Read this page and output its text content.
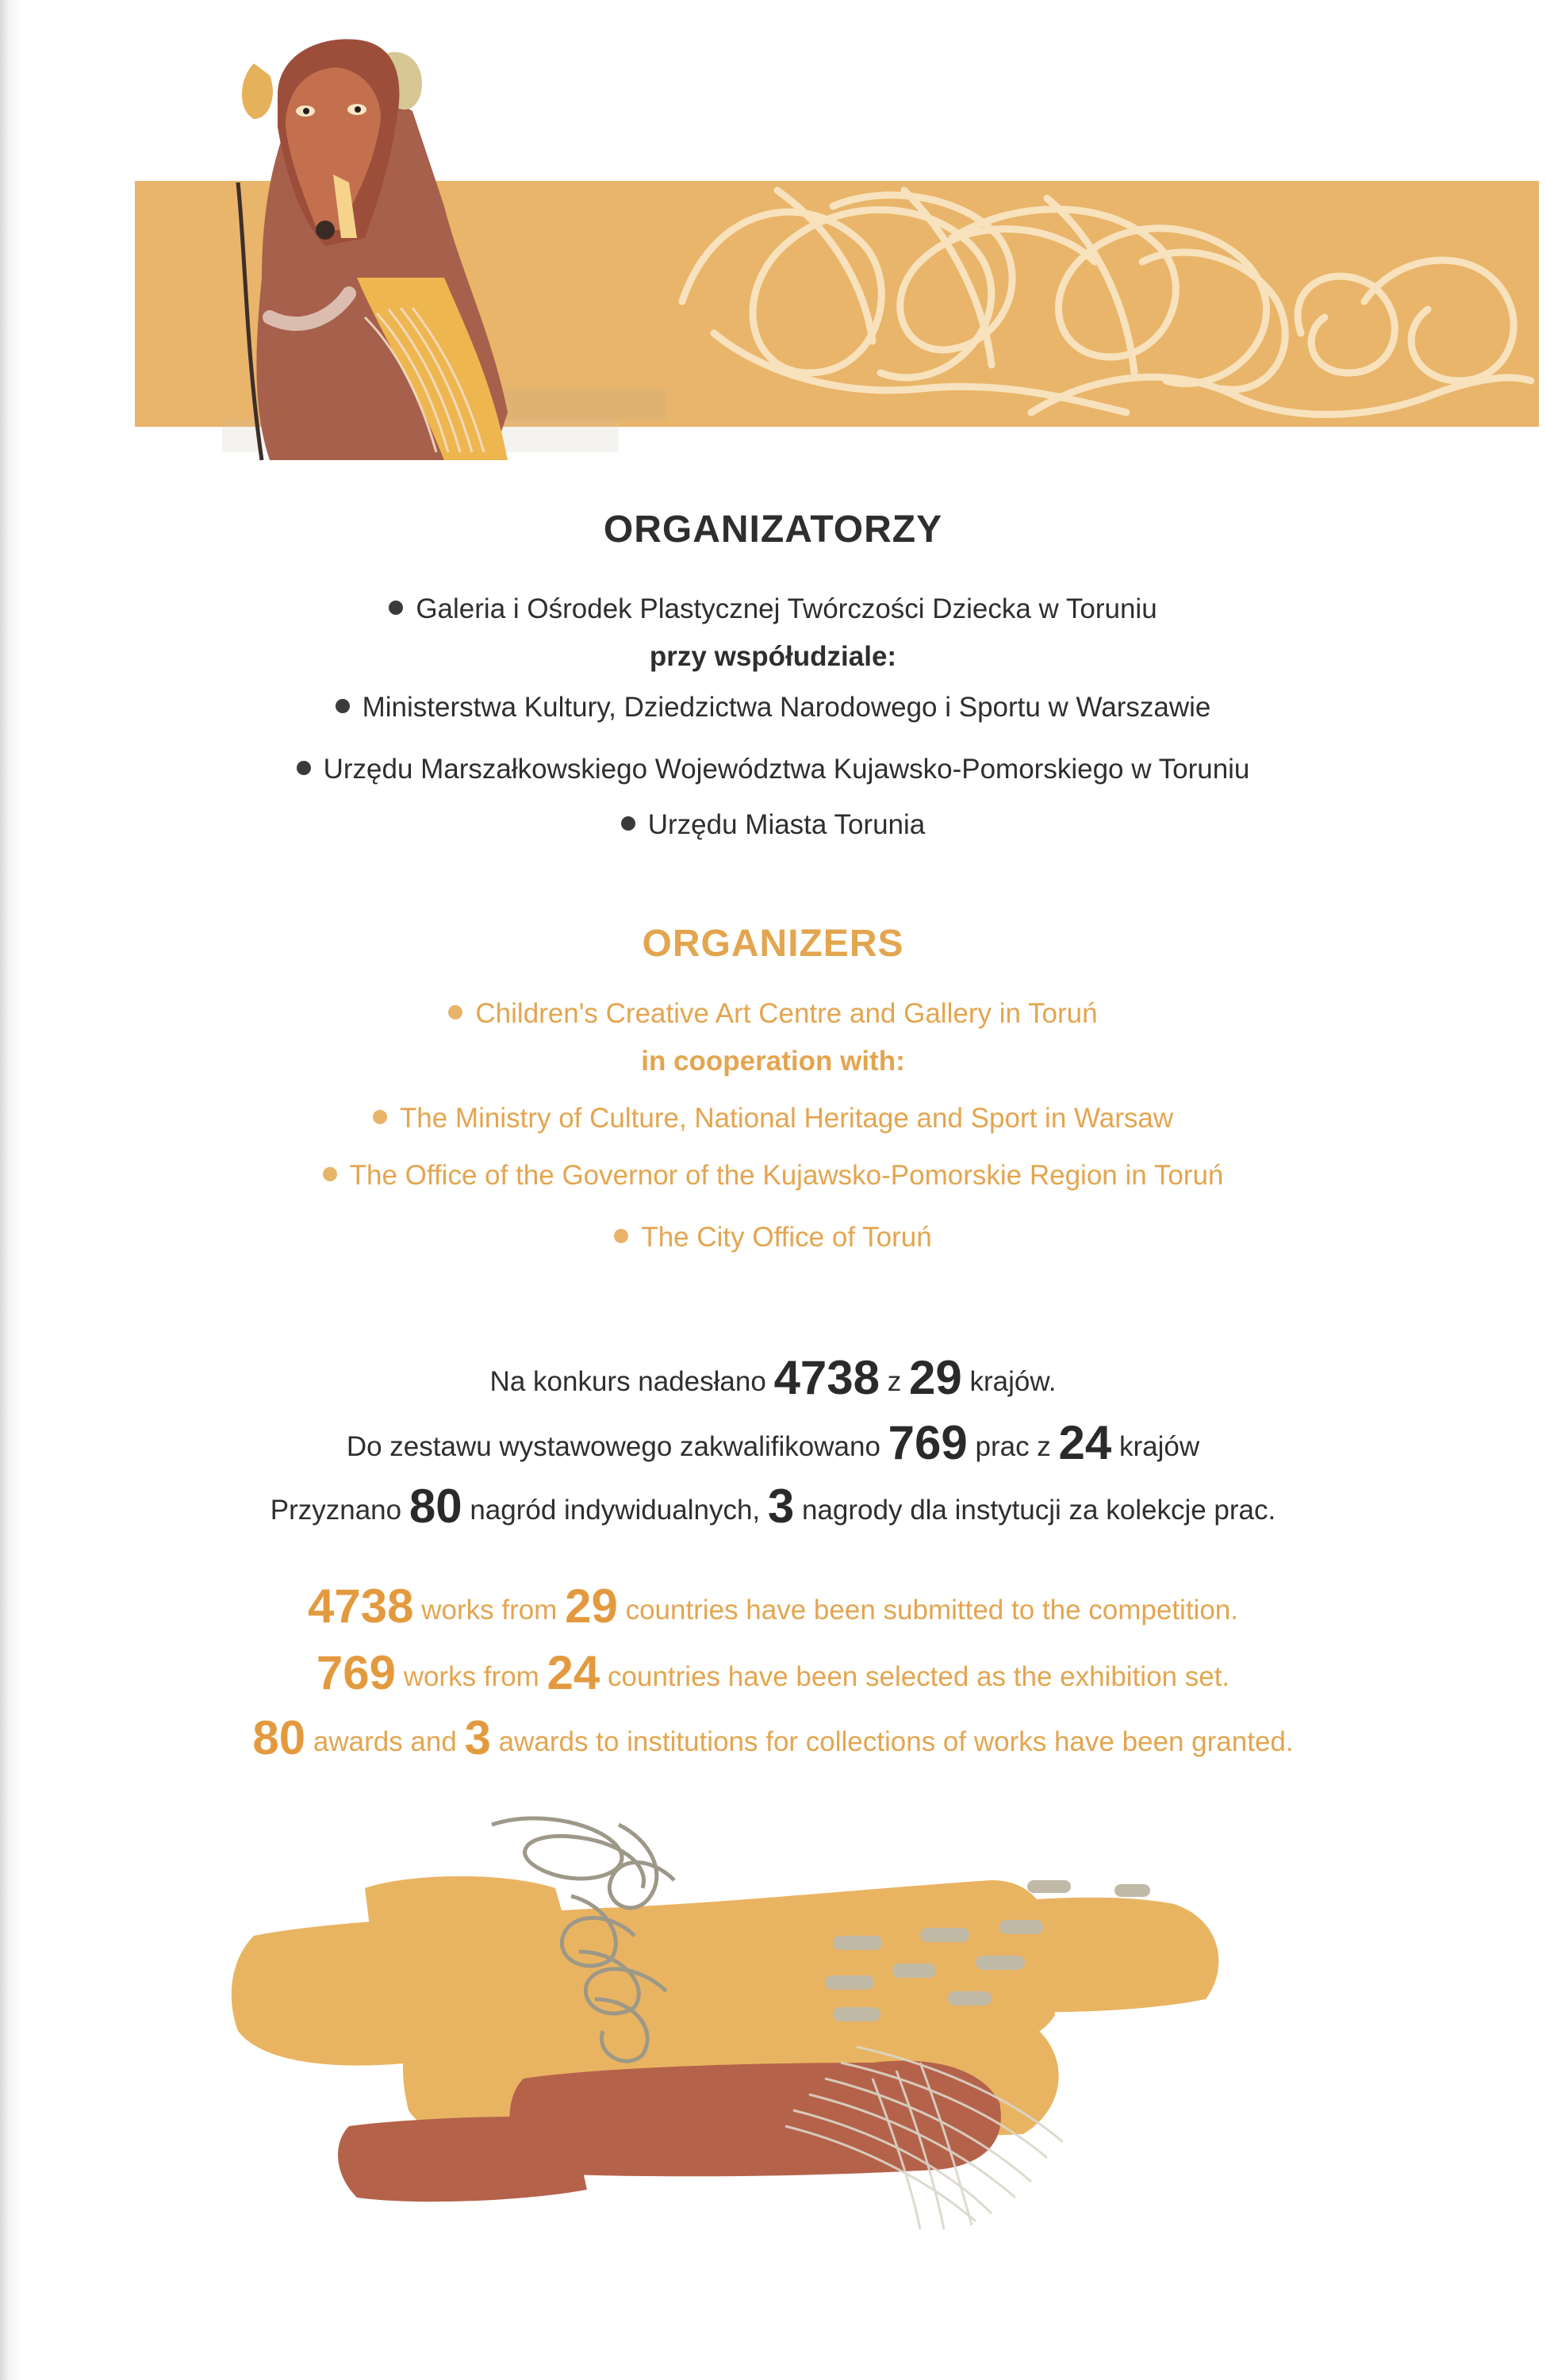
ORGANIZATORZY
Galeria i Ośrodek Plastycznej Twórczości Dziecka w Toruniu
przy współudziale:
Ministerstwa Kultury, Dziedzictwa Narodowego i Sportu w Warszawie
Urzędu Marszałkowskiego Województwa Kujawsko-Pomorskiego w Toruniu
Urzędu Miasta Torunia
ORGANIZERS
Children's Creative Art Centre and Gallery in Toruń
in cooperation with:
The Ministry of Culture, National Heritage and Sport in Warsaw
The Office of the Governor of the Kujawsko-Pomorskie Region in Toruń
The City Office of Toruń
Na konkurs nadesłano 4738 z 29 krajów.
Do zestawu wystawowego zakwalifikowano 769 prac z 24 krajów
Przyznano 80 nagród indywidualnych, 3 nagrody dla instytucji za kolekcje prac.
4738 works from 29 countries have been submitted to the competition.
769 works from 24 countries have been selected as the exhibition set.
80 awards and 3 awards to institutions for collections of works have been granted.
